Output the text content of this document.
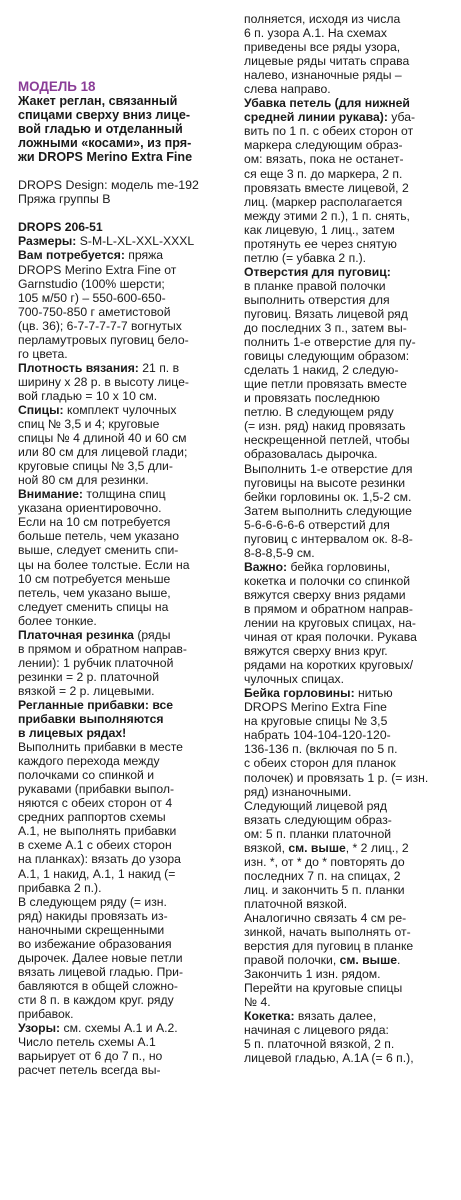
МОДЕЛЬ 18
Жакет реглан, связанный
спицами сверху вниз лице-
вой гладью и отделанный
ложными «косами», из пря-
жи DROPS Merino Extra Fine
DROPS Design: модель me-192
Пряжа группы B
DROPS 206-51
Размеры: S-M-L-XL-XXL-XXXL
Вам потребуется: пряжа
DROPS Merino Extra Fine от
Garnstudio (100% шерсти;
105 м/50 г) – 550-600-650-
700-750-850 г аметистовой
(цв. 36); 6-7-7-7-7-7 вогнутых
перламутровых пуговиц бело-
го цвета.
Плотность вязания: 21 п. в
ширину x 28 р. в высоту лице-
вой гладью = 10 x 10 см.
Спицы: комплект чулочных
спиц № 3,5 и 4; круговые
спицы № 4 длиной 40 и 60 см
или 80 см для лицевой глади;
круговые спицы № 3,5 дли-
ной 80 см для резинки.
Внимание: толщина спиц
указана ориентировочно.
Если на 10 см потребуется
больше петель, чем указано
выше, следует сменить спи-
цы на более толстые. Если на
10 см потребуется меньше
петель, чем указано выше,
следует сменить спицы на
более тонкие.
Платочная резинка (ряды
в прямом и обратном направ-
лении): 1 рубчик платочной
резинки = 2 р. платочной
вязкой = 2 р. лицевыми.
Регланные прибавки: все
прибавки выполняются
в лицевых рядах!
Выполнить прибавки в месте
каждого перехода между
полочками со спинкой и
рукавами (прибавки выпол-
няются с обеих сторон от 4
средних раппортов схемы
A.1, не выполнять прибавки
в схеме A.1 с обеих сторон
на планках): вязать до узора
A.1, 1 накид, A.1, 1 накид (=
прибавка 2 п.).
В следующем ряду (= изн.
ряд) накиды провязать из-
наночными скрещенными
во избежание образования
дырочек. Далее новые петли
вязать лицевой гладью. При-
бавляются в общей сложно-
сти 8 п. в каждом круг. ряду
прибавок.
Узоры: см. схемы A.1 и A.2.
Число петель схемы A.1
варьирует от 6 до 7 п., но
расчет петель всегда вы-
полняется, исходя из числа
6 п. узора A.1. На схемах
приведены все ряды узора,
лицевые ряды читать справа
налево, изнаночные ряды –
слева направо.
Убавка петель (для нижней
средней линии рукава): уба-
вить по 1 п. с обеих сторон от
маркера следующим образ-
ом: вязать, пока не останет-
ся еще 3 п. до маркера, 2 п.
провязать вместе лицевой, 2
лиц. (маркер располагается
между этими 2 п.), 1 п. снять,
как лицевую, 1 лиц., затем
протянуть ее через снятую
петлю (= убавка 2 п.).
Отверстия для пуговиц:
в планке правой полочки
выполнить отверстия для
пуговиц. Вязать лицевой ряд
до последних 3 п., затем вы-
полнить 1-е отверстие для пу-
говицы следующим образом:
сделать 1 накид, 2 следую-
щие петли провязать вместе
и провязать последнюю
петлю. В следующем ряду
(= изн. ряд) накид провязать
нескрещенной петлей, чтобы
образовалась дырочка.
Выполнить 1-е отверстие для
пуговицы на высоте резинки
бейки горловины ок. 1,5-2 см.
Затем выполнить следующие
5-6-6-6-6-6 отверстий для
пуговиц с интервалом ок. 8-8-
8-8-8,5-9 см.
Важно: бейка горловины,
кокетка и полочки со спинкой
вяжутся сверху вниз рядами
в прямом и обратном направ-
лении на круговых спицах, на-
чиная от края полочки. Рукава
вяжутся сверху вниз круг.
рядами на коротких круговых/
чулочных спицах.
Бейка горловины: нитью
DROPS Merino Extra Fine
на круговые спицы № 3,5
набрать 104-104-120-120-
136-136 п. (включая по 5 п.
с обеих сторон для планок
полочек) и провязать 1 р. (= изн.
ряд) изнаночными.
Следующий лицевой ряд
вязать следующим образ-
ом: 5 п. планки платочной
вязкой, см. выше, * 2 лиц., 2
изн. *, от * до * повторять до
последних 7 п. на спицах, 2
лиц. и закончить 5 п. планки
платочной вязкой.
Аналогично связать 4 см ре-
зинкой, начать выполнять от-
верстия для пуговиц в планке
правой полочки, см. выше.
Закончить 1 изн. рядом.
Перейти на круговые спицы
№ 4.
Кокетка: вязать далее,
начиная с лицевого ряда:
5 п. платочной вязкой, 2 п.
лицевой гладью, A.1A (= 6 п.),
